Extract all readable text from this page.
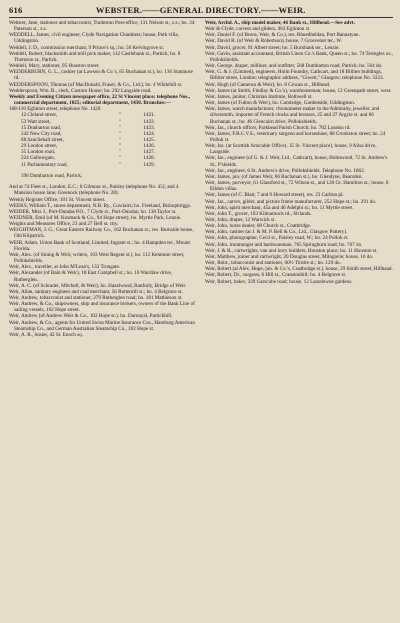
616	WEBSTER.——GENERAL DIRECTORY.——WEIR.

Webster, Jane, stationer and tobacconist, Tradeston Post-office, 131 Nelson st., s.s.; ho. 34 Paterson st., s.s.

WEDDELL, James, civil engineer, Clyde Navigation Chambers; house, Park villa, Uddingston.

Weddell, J. D., commission merchant, 9 Prince's sq.; ho. 56 Kelvingrove st.

Weddell, Robert, blacksmith and mill pick maker, 112 Castlebank st., Partick; ho. 8 Thomson st., Partick.

Weddell, Mary, stationer, 95 Houston street.

WEDDERBURN, G. L., cashier (at Lawson & Co.'s, 85 Buchanan st.), ho. 136 Stanmore rd.

WEDDERSPOON, Thomas (of MacDonald, Fraser, & Co., Ltd.), ho. 4 Whitehill st.

Wedderspoon, Wm. B., clerk, Custom House; ho. 292 Langside road.

Weekly and Evening Citizen newspaper office, 22 St Vincent place; telephone Nos., commercial department, 1025; editorial department, 1430. Branches:—

168-110 Eglinton street, telephone No. 1420.

12 Cleland street,	"	1421.
53 Watt street,	"	1422.
15 Dunbarton road,	"	1423.
242 New City road,	"	1424.
88 Saucliehall street,	"	1425.
29 London street,	"	1426.
35 London road,	"	1427.
224 Gallowgate,	"	1428.
11 Parliamentary road,	"	1429.

398 Dumbarton road, Partick,

And at 74 Fleet st., London, E.C.; 8 Gilmour st., Paisley (telephone No. 45); and 4 Mansion house lane, Greenock (telephone No. 28).

Weekly Register Office, 101 St. Vincent street.

WEEKS, William T., stores department, N.B. Ry., Cowlairs; ho. Freeland, Bishopbriggs.

WEIDER, Miss J., Port-Dundas P.O., 7 Clyde st., Port-Dundas; ho. 138 Taylor st.

WEIDNER, Emil (of M. Kosmack & Co., 94 Hope street), ho. Myrtle Park, Lenzie.

Weights and Measures Office, 23 and 27 Bell st. city.

WEIGHTMAN, J. G., Great Eastern Railway Co., 162 Buchanan st.; res. Burnside house, Old Kilpatrick.

WEIR, Adam, Union Bank of Scotland, Limited, Ingram st.; ho. 4 Hampden ter., Mount Florida.

Weir, Alex. (of Strang & Weir, writers, 103 West Regent st.), ho. 112 Kenmure street, Pollokshields.

Weir, Alex., traveller, at John M'Lean's, 133 Trongate.

Weir, Alexander (of Bain & Weir), 18 East Campbell st.; ho. 10 Wardlaw drive, Rutherglen.

Weir, A. C. (of Schrader, Mitchell, & Weir), ho. Hazelwood, Ranfurly, Bridge of Weir.

Weir, Allan, sanitary engineer and coal merchant, 56 Rottenrill st.; ho. 4 Belgrave st.

Weir, Andrew, tobacconist and stationer, 279 Rutherglen road; ho. 181 Mathieson st.

Weir, Andrew, & Co., shipowners, ship and insurance brokers, owners of the Bank Line of sailing vessels, 102 Hope street.

Weir, Andrew (of Andrew Weir & Co., 102 Hope st.), ho. Dunrayal, Partickhill.

Weir, Andrew, & Co., agents for United Swiss Marine Insurance Cos., Hamburg American Steamship Co., and German Australian Steamship Co., 102 Hope st.

Weir, A. R., hosier, 42 St. Enoch sq.

Weir, Archd. A., ship model maker, 46 Bank st., Hillhead.—See advt.

Weir & Clyde, carvers and gilders, 463 Eglinton st.

Weir, Daniel F. (of Burns, Weir, & Co.), res. Rhuedheldan, Port Bannatyne.

Weir, David R. (of Weir & Robertson), house, 7 Grosvenor ter., W.

Weir, David, grocer, 91 Albert street; ho. 5 Burnbank ter., Lenzie.

Weir, Gavin, assistant accountant, British Linen Co.'s Bank, Queen st.; ho. 74 Terregles av., Pollokshields.

Weir, George, draper, milliner, and outfitter, 568 Dumbarton road, Partick; ho. 564 do.

Weir, G. & J. (Limited), engineers, Holm Foundry, Cathcart, and 18 Billiter buildings, Billiter street, London; telegraphic address, "Giweir," Glasgow; telephone No. 3223.

Weir, Hugh (of Cameron & Weir), ho. 8 Cowan st., Hillhead.

Weir, James (at Smith, Findlay & Co.'s), warehouseman; house, 12 Greenpark street, west.

Weir, James, janitor, Christian Institute, Bothwell st.

Weir, James (of Fulton & Weir), ho. Cumledge, Gardenside, Uddingston.

Weir, James, watch manufacturer, chronometer maker to the Admiralty, jeweller, and silversmith, importer of French clocks and bronzes, 25 and 27 Argyle st. and 66 Buchanan st.; ho. 46 Glencairn drive, Pollokshields.

Weir, Jas., church officer, Parkhead Parish Church; ho. 782 London rd.

Weir, James, F.R.C.V.S., veterinary surgeon and horseshoer, 88 Crookston street; ho. 24 Pollok st.

Weir, Jas. (at Scottish Amicable Office), 35 St. Vincent place), house, 9 Ailsa drive, Langside.

Weir, Jas., engineer (of G. & J. Weir, Ltd., Cathcart), house, Holmwood, 72 St. Andrew's dr., P'shields.

Weir, Jas., engineer, 6 St. Andrew's drive, Pollokshields. Telephone No. 1862.

Weir, James, jun. (of James Weir, 66 Buchanan st.), ho. Glendyne, Bearsden.

Weir, James, purveyor, 61 Glassford st., 72 Wilson st., and 120 Gt. Hamilton st.; house, 8 Eildon villas.

Weir, James (of C. Blair, 7 and 9 Howard street), res. 23 Carlton pl.

Weir, Jas., carver, gilder, and picture frame manufacturer, 252 Hope st.; ho. 291 do.

Weir, John, spirit merchant, 45a and 46 Adelphi st.; ho. 11 Myrtle street.

Weir, John T., grocer, 193 Kilmarnock rd., Sh'lands.

Weir, John, draper, 12 Warwick st.

Weir, John, horse dealer, 68 Church st., Coatbridge.

Weir, John, cashier (at J. & M. P. Bell & Co., Ltd., Glasgow Pottery).

Weir, John, photographer, Cecil st., Paisley road, W.; ho. 24 Pollok st.

Weir, John, ironmonger and hardwareman, 765 Springburn road; ho. 767 do.

Weir, J. & R., cartwrights, van and lorry builders, Houston place; ho. 11 Houston st.

Weir, Matthew, joiner and cartwright, 20 Douglas street, Milngavie; house, 16 do.

Weir, Robt., tobacconist and stationer, 60½ Thistle st.; ho. 129 do.

Weir, Robert (at Alex. Hope, jun. & Co.'s, Coatbridge st.), house, 29 Smith street, Hillhead.

Weir, Robert, Dr., surgeon, 6 Hill st., Cranstonhill; ho. 4 Belgrave st.

Weir, Robert, baker, 339 Garscube road; house, 12 Lansdowne gardens.
